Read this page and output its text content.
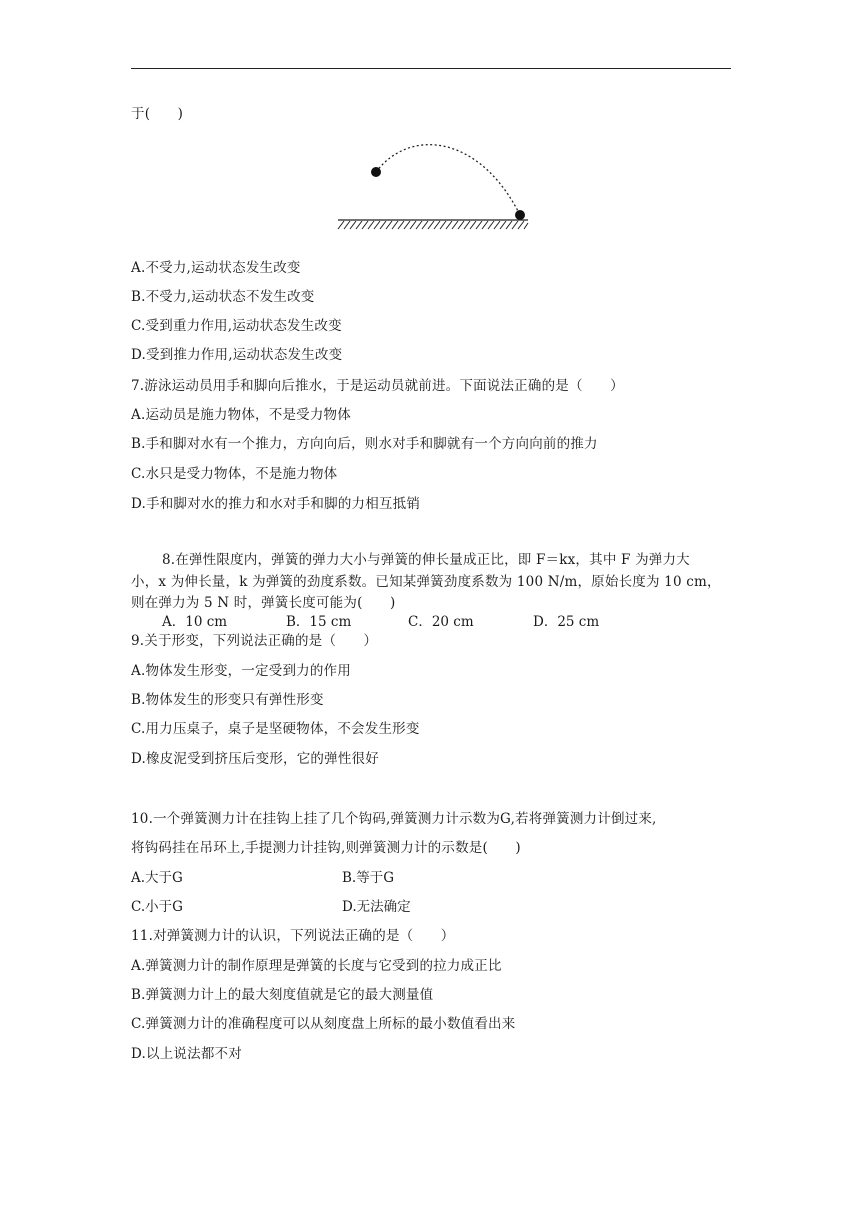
于(　　)
A.不受力,运动状态发生改变
B.不受力,运动状态不发生改变
C.受到重力作用,运动状态发生改变
D.受到推力作用,运动状态发生改变
7.游泳运动员用手和脚向后推水，于是运动员就前进。下面说法正确的是（　　）
A.运动员是施力物体，不是受力物体
B.手和脚对水有一个推力，方向向后，则水对手和脚就有一个方向向前的推力
C.水只是受力物体，不是施力物体
D.手和脚对水的推力和水对手和脚的力相互抵销
8.在弹性限度内，弹簧的弹力大小与弹簧的伸长量成正比，即 F＝kx，其中 F 为弹力大
小，x 为伸长量，k 为弹簧的劲度系数。已知某弹簧劲度系数为 100 N/m，原始长度为 10 cm，
则在弹力为 5 N 时，弹簧长度可能为(　　)
A．10 cm	B．15 cm	C．20 cm	D．25 cm
9.关于形变，下列说法正确的是（　　）
A.物体发生形变，一定受到力的作用
B.物体发生的形变只有弹性形变
C.用力压桌子，桌子是坚硬物体，不会发生形变
D.橡皮泥受到挤压后变形，它的弹性很好
10.一个弹簧测力计在挂钩上挂了几个钩码,弹簧测力计示数为G,若将弹簧测力计倒过来,
将钩码挂在吊环上,手提测力计挂钩,则弹簧测力计的示数是(　　)
A.大于G	B.等于G
C.小于G	D.无法确定
11.对弹簧测力计的认识，下列说法正确的是（　　）
A.弹簧测力计的制作原理是弹簧的长度与它受到的拉力成正比
B.弹簧测力计上的最大刻度值就是它的最大测量值
C.弹簧测力计的准确程度可以从刻度盘上所标的最小数值看出来
D.以上说法都不对
